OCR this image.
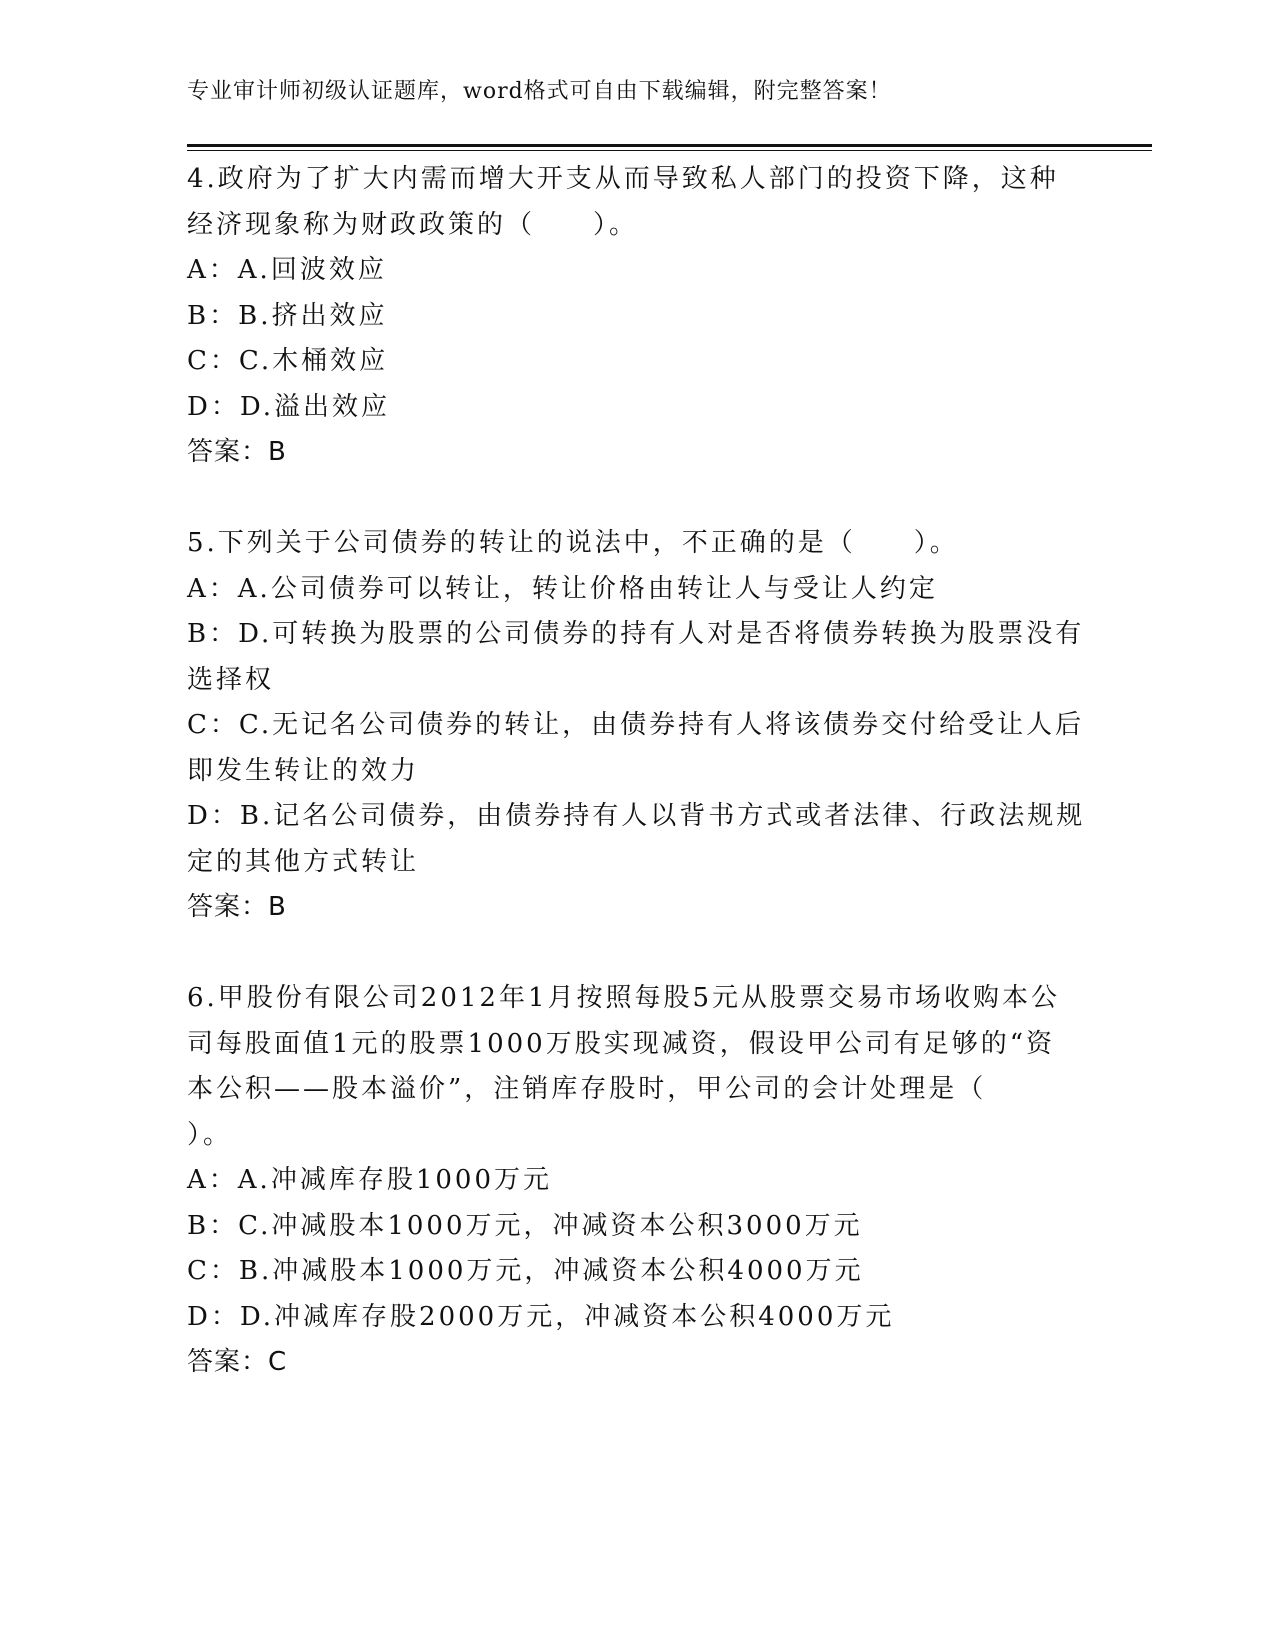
专业审计师初级认证题库，word格式可自由下载编辑，附完整答案！
4.政府为了扩大内需而增大开支从而导致私人部门的投资下降，这种
经济现象称为财政政策的（　　）。
A：A.回波效应
B：B.挤出效应
C：C.木桶效应
D：D.溢出效应
答案：B
5.下列关于公司债券的转让的说法中，不正确的是（　　）。
A：A.公司债券可以转让，转让价格由转让人与受让人约定
B：D.可转换为股票的公司债券的持有人对是否将债券转换为股票没有
选择权
C：C.无记名公司债券的转让，由债券持有人将该债券交付给受让人后
即发生转让的效力
D：B.记名公司债券，由债券持有人以背书方式或者法律、行政法规规
定的其他方式转让
答案：B
6.甲股份有限公司2012年1月按照每股5元从股票交易市场收购本公
司每股面值1元的股票1000万股实现减资，假设甲公司有足够的“资
本公积——股本溢价”，注销库存股时，甲公司的会计处理是（
）。
A：A.冲减库存股1000万元
B：C.冲减股本1000万元，冲减资本公积3000万元
C：B.冲减股本1000万元，冲减资本公积4000万元
D：D.冲减库存股2000万元，冲减资本公积4000万元
答案：C
